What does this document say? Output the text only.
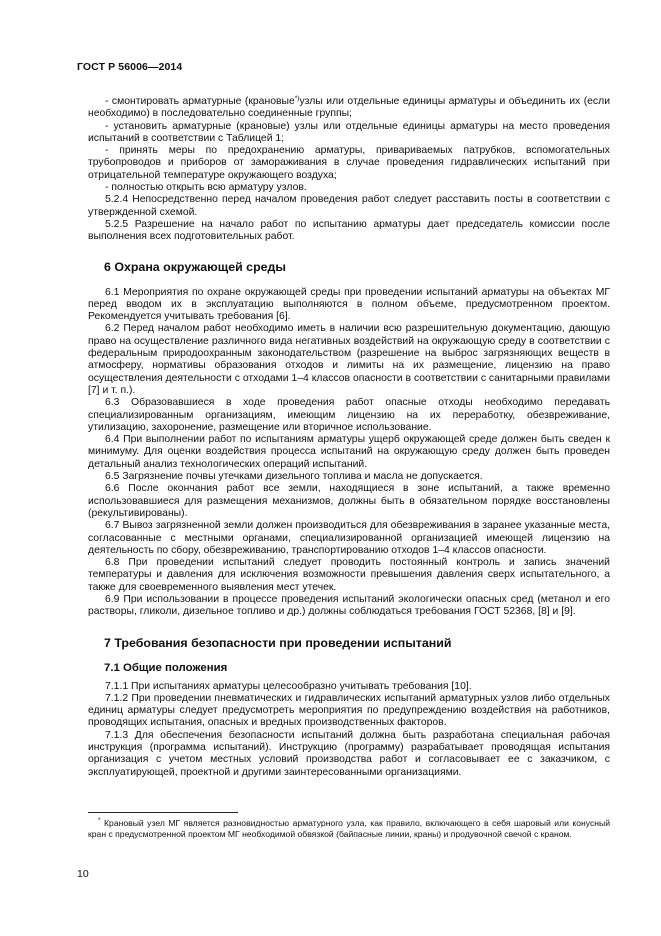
ГОСТ Р 56006—2014

- смонтировать арматурные (крановые*)узлы или отдельные единицы арматуры и объединить их (если необходимо) в последовательно соединенные группы;

- установить арматурные (крановые) узлы или отдельные единицы арматуры на место проведения испытаний в соответствии с Таблицей 1;

- принять меры по предохранению арматуры, привариваемых патрубков, вспомогательных трубопроводов и приборов от замораживания в случае проведения гидравлических испытаний при отрицательной температуре окружающего воздуха;

- полностью открыть всю арматуру узлов.

5.2.4 Непосредственно перед началом проведения работ следует расставить посты в соответствии с утвержденной схемой.

5.2.5 Разрешение на начало работ по испытанию арматуры дает председатель комиссии после выполнения всех подготовительных работ.

6 Охрана окружающей среды

6.1 Мероприятия по охране окружающей среды при проведении испытаний арматуры на объектах МГ перед вводом их в эксплуатацию выполняются в полном объеме, предусмотренном проектом. Рекомендуется учитывать требования [6].

6.2 Перед началом работ необходимо иметь в наличии всю разрешительную документацию, дающую право на осуществление различного вида негативных воздействий на окружающую среду в соответствии с федеральным природоохранным законодательством (разрешение на выброс загрязняющих веществ в атмосферу, нормативы образования отходов и лимиты на их размещение, лицензию на право осуществления деятельности с отходами 1–4 классов опасности в соответствии с санитарными правилами [7] и т. п.).

6.3 Образовавшиеся в ходе проведения работ опасные отходы необходимо передавать специализированным организациям, имеющим лицензию на их переработку, обезвреживание, утилизацию, захоронение, размещение или вторичное использование.

6.4 При выполнении работ по испытаниям арматуры ущерб окружающей среде должен быть сведен к минимуму. Для оценки воздействия процесса испытаний на окружающую среду должен быть проведен детальный анализ технологических операций испытаний.

6.5 Загрязнение почвы утечками дизельного топлива и масла не допускается.

6.6 После окончания работ все земли, находящиеся в зоне испытаний, а также временно использовавшиеся для размещения механизмов, должны быть в обязательном порядке восстановлены (рекультивированы).

6.7 Вывоз загрязненной земли должен производиться для обезвреживания в заранее указанные места, согласованные с местными органами, специализированной организацией имеющей лицензию на деятельность по сбору, обезвреживанию, транспортированию отходов 1–4 классов опасности.

6.8 При проведении испытаний следует проводить постоянный контроль и запись значений температуры и давления для исключения возможности превышения давления сверх испытательного, а также для своевременного выявления мест утечек.

6.9 При использовании в процессе проведения испытаний экологически опасных сред (метанол и его растворы, гликоли, дизельное топливо и др.) должны соблюдаться требования ГОСТ 52368, [8] и [9].

7 Требования безопасности при проведении испытаний
7.1 Общие положения

7.1.1 При испытаниях арматуры целесообразно учитывать требования [10].

7.1.2 При проведении пневматических и гидравлических испытаний арматурных узлов либо отдельных единиц арматуры следует предусмотреть мероприятия по предупреждению воздействия на работников, проводящих испытания, опасных и вредных производственных факторов.

7.1.3 Для обеспечения безопасности испытаний должна быть разработана специальная рабочая инструкция (программа испытаний). Инструкцию (программу) разрабатывает проводящая испытания организация с учетом местных условий производства работ и согласовывает ее с заказчиком, с эксплуатирующей, проектной и другими заинтересованными организациями.

* Крановый узел МГ является разновидностью арматурного узла, как правило, включающего в себя шаровый или конусный кран с предусмотренной проектом МГ необходимой обвязкой (байпасные линии, краны) и продувочной свечой с краном.
10
